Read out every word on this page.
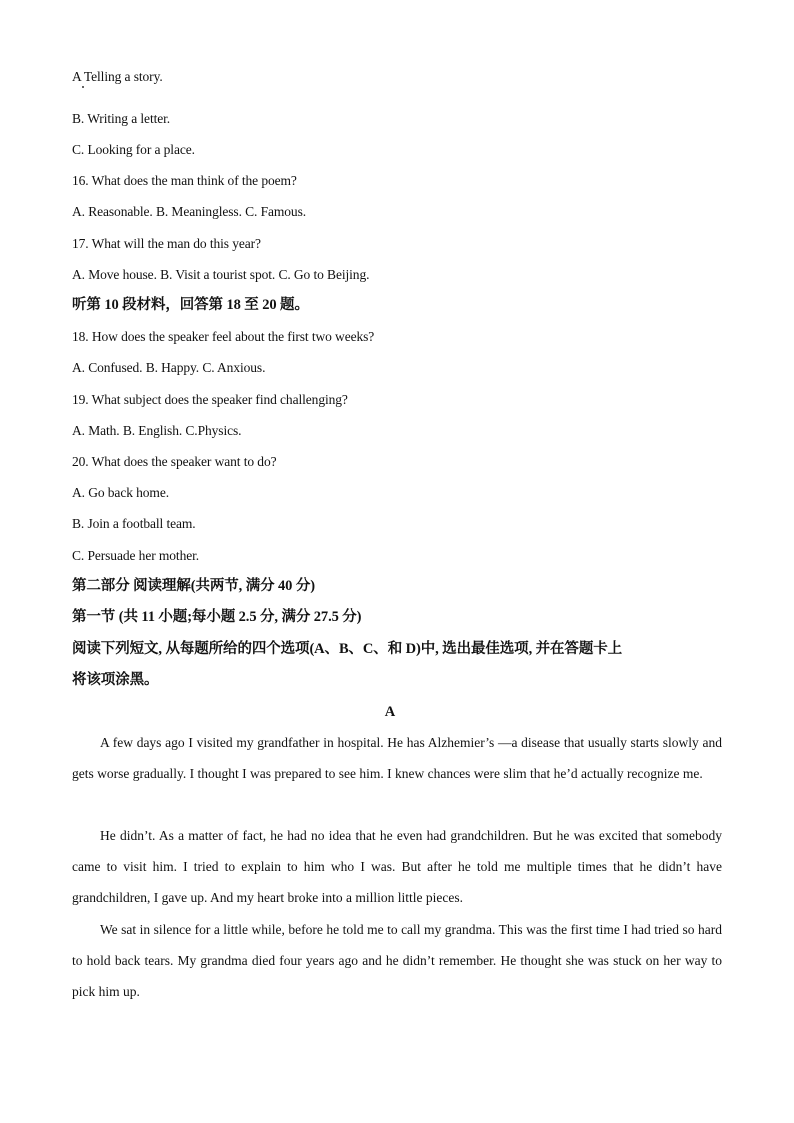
A Telling a story.
B. Writing a letter.
C. Looking for a place.
16. What does the man think of the poem?
A. Reasonable. B. Meaningless. C. Famous.
17. What will the man do this year?
A. Move house. B. Visit a tourist spot. C. Go to Beijing.
听第 10 段材料，回答第 18 至 20 题。
18. How does the speaker feel about the first two weeks?
A. Confused. B. Happy. C. Anxious.
19. What subject does the speaker find challenging?
A. Math. B. English. C.Physics.
20. What does the speaker want to do?
A. Go back home.
B. Join a football team.
C. Persuade her mother.
第二部分 阅读理解(共两节, 满分 40 分)
第一节 (共 11 小题;每小题 2.5 分, 满分 27.5 分)
阅读下列短文, 从每题所给的四个选项(A、B、C、和 D)中, 选出最佳选项, 并在答题卡上
将该项涂黑。
A

A few days ago I visited my grandfather in hospital. He has Alzhemier’s —a disease that usually starts slowly and gets worse gradually. I thought I was prepared to see him. I knew chances were slim that he’d actually recognize me.

He didn’t. As a matter of fact, he had no idea that he even had grandchildren. But he was excited that somebody came to visit him. I tried to explain to him who I was. But after he told me multiple times that he didn’t have grandchildren, I gave up. And my heart broke into a million little pieces.

We sat in silence for a little while, before he told me to call my grandma. This was the first time I had tried so hard to hold back tears. My grandma died four years ago and he didn’t remember. He thought she was stuck on her way to pick him up.
